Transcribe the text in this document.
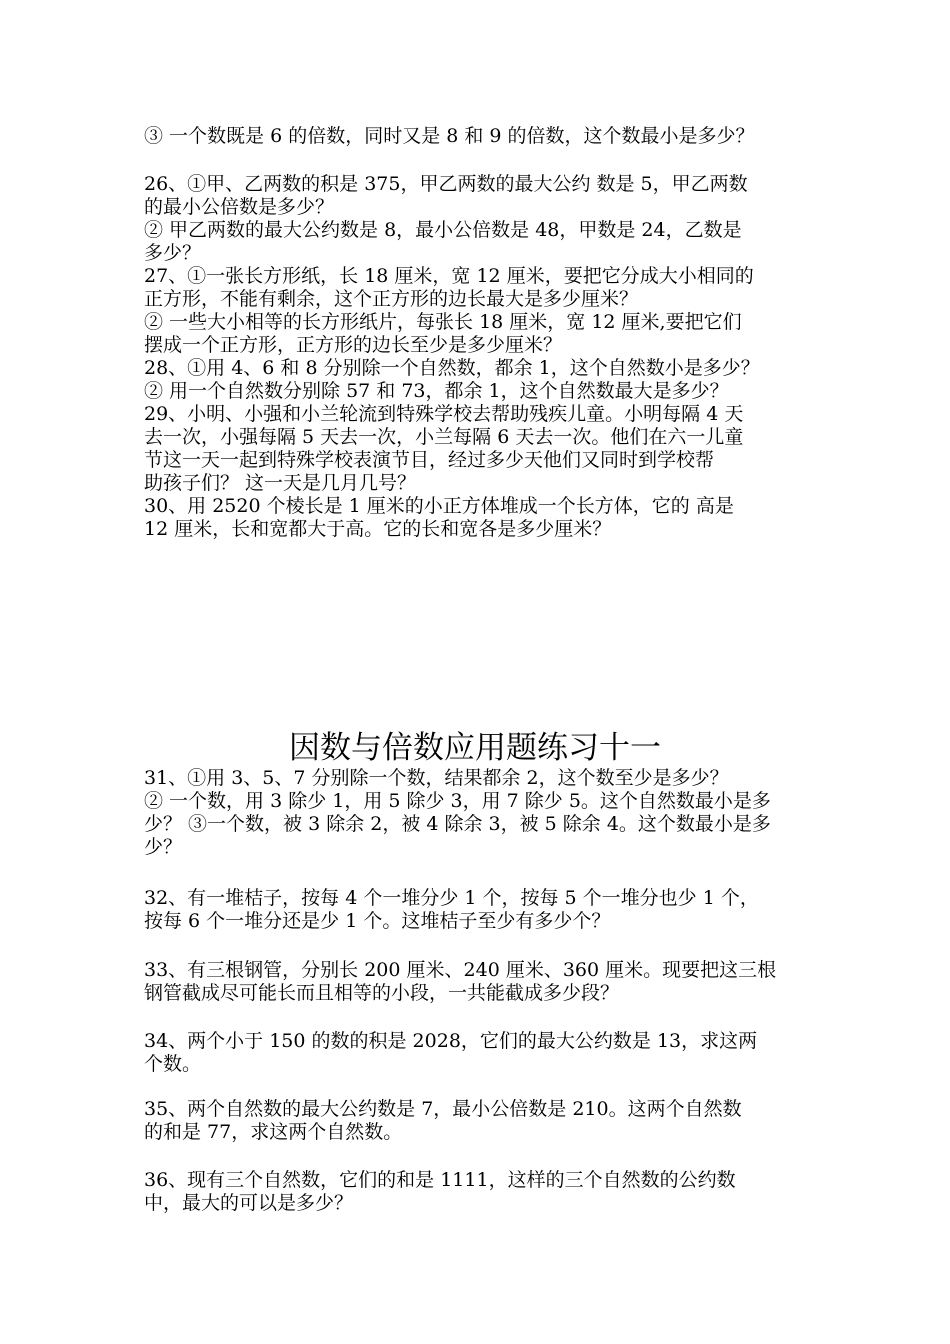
③ 一个数既是 6 的倍数，同时又是 8 和 9 的倍数，这个数最小是多少？
26、①甲、乙两数的积是 375，甲乙两数的最大公约 数是 5，甲乙两数
的最小公倍数是多少？
② 甲乙两数的最大公约数是 8，最小公倍数是 48，甲数是 24，乙数是
多少？
27、①一张长方形纸，长 18 厘米，宽 12 厘米，要把它分成大小相同的
正方形，不能有剩余，这个正方形的边长最大是多少厘米？
② 一些大小相等的长方形纸片，每张长 18 厘米，宽 12 厘米,要把它们
摆成一个正方形，正方形的边长至少是多少厘米？
28、①用 4、6 和 8 分别除一个自然数，都余 1，这个自然数小是多少？
② 用一个自然数分别除 57 和 73，都余 1，这个自然数最大是多少？
29、小明、小强和小兰轮流到特殊学校去帮助残疾儿童。小明每隔 4 天
去一次，小强每隔 5 天去一次，小兰每隔 6 天去一次。他们在六一儿童
节这一天一起到特殊学校表演节目，经过多少天他们又同时到学校帮
助孩子们？ 这一天是几月几号？
30、用 2520 个棱长是 1 厘米的小正方体堆成一个长方体，它的 高是
12 厘米，长和宽都大于高。它的长和宽各是多少厘米？
因数与倍数应用题练习十一
31、①用 3、5、7 分别除一个数，结果都余 2，这个数至少是多少？
② 一个数，用 3 除少 1，用 5 除少 3，用 7 除少 5。这个自然数最小是多
少？ ③一个数，被 3 除余 2，被 4 除余 3，被 5 除余 4。这个数最小是多
少？
32、有一堆桔子，按每 4 个一堆分少 1 个，按每 5 个一堆分也少 1 个，
按每 6 个一堆分还是少 1 个。这堆桔子至少有多少个？
33、有三根钢管，分别长 200 厘米、240 厘米、360 厘米。现要把这三根
钢管截成尽可能长而且相等的小段，一共能截成多少段？
34、两个小于 150 的数的积是 2028，它们的最大公约数是 13，求这两
个数。
35、两个自然数的最大公约数是 7，最小公倍数是 210。这两个自然数
的和是 77，求这两个自然数。
36、现有三个自然数，它们的和是 1111，这样的三个自然数的公约数
中，最大的可以是多少？
